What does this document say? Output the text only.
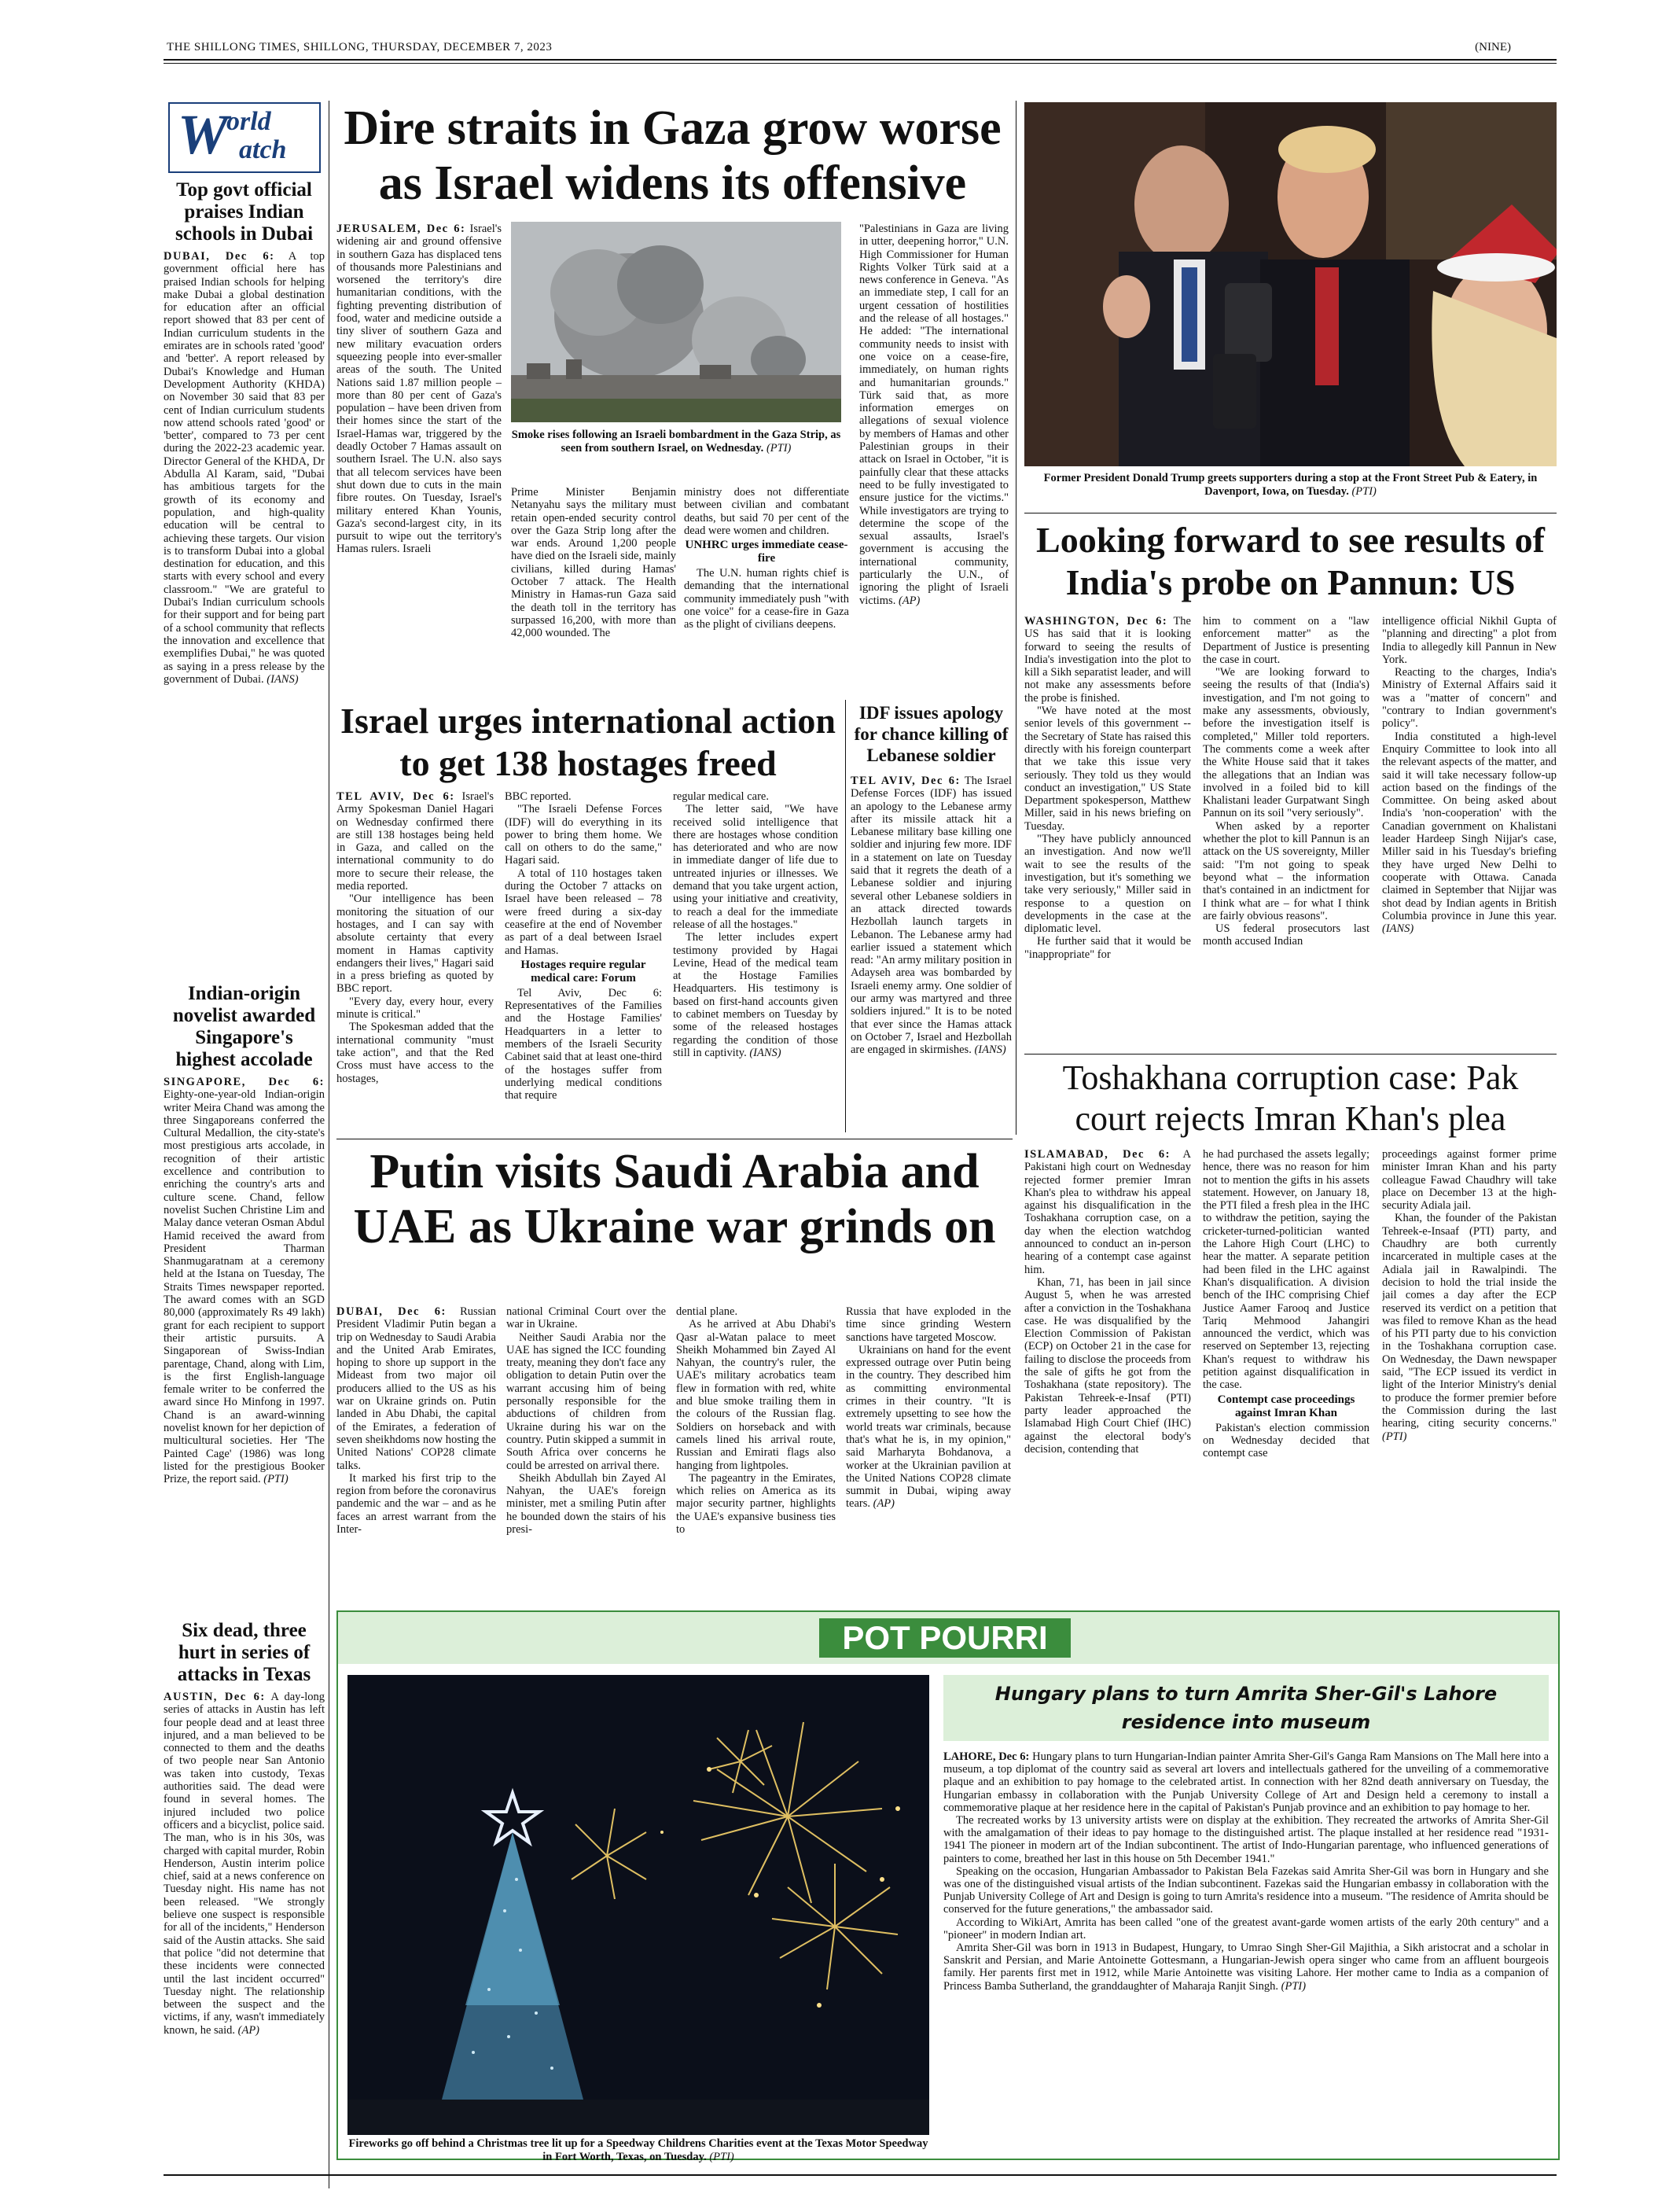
THE SHILLONG TIMES, SHILLONG, THURSDAY, DECEMBER 7, 2023	(NINE)
W
orld
atch
Top govt official praises Indian schools in Dubai

DUBAI, Dec 6: A top government official here has praised Indian schools for helping make Dubai a global destination for education after an official report showed that 83 per cent of Indian curriculum students in the emirates are in schools rated 'good' and 'better'. A report released by Dubai's Knowledge and Human Development Authority (KHDA) on November 30 said that 83 per cent of Indian curriculum students now attend schools rated 'good' or 'better', compared to 73 per cent during the 2022-23 academic year. Director General of the KHDA, Dr Abdulla Al Karam, said, "Dubai has ambitious targets for the growth of its economy and population, and high-quality education will be central to achieving these targets. Our vision is to transform Dubai into a global destination for education, and this starts with every school and every classroom." "We are grateful to Dubai's Indian curriculum schools for their support and for being part of a school community that reflects the innovation and excellence that exemplifies Dubai," he was quoted as saying in a press release by the government of Dubai. (IANS)

Indian-origin novelist awarded Singapore's highest accolade

SINGAPORE, Dec 6: Eighty-one-year-old Indian-origin writer Meira Chand was among the three Singaporeans conferred the Cultural Medallion, the city-state's most prestigious arts accolade, in recognition of their artistic excellence and contribution to enriching the country's arts and culture scene. Chand, fellow novelist Suchen Christine Lim and Malay dance veteran Osman Abdul Hamid received the award from President Tharman Shanmugaratnam at a ceremony held at the Istana on Tuesday, The Straits Times newspaper reported. The award comes with an SGD 80,000 (approximately Rs 49 lakh) grant for each recipient to support their artistic pursuits. A Singaporean of Swiss-Indian parentage, Chand, along with Lim, is the first English-language female writer to be conferred the award since Ho Minfong in 1997. Chand is an award-winning novelist known for her depiction of multicultural societies. Her 'The Painted Cage' (1986) was long listed for the prestigious Booker Prize, the report said. (PTI)

Six dead, three hurt in series of attacks in Texas

AUSTIN, Dec 6: A day-long series of attacks in Austin has left four people dead and at least three injured, and a man believed to be connected to them and the deaths of two people near San Antonio was taken into custody, Texas authorities said. The dead were found in several homes. The injured included two police officers and a bicyclist, police said. The man, who is in his 30s, was charged with capital murder, Robin Henderson, Austin interim police chief, said at a news conference on Tuesday night. His name has not been released. "We strongly believe one suspect is responsible for all of the incidents," Henderson said of the Austin attacks. She said that police "did not determine that these incidents were connected until the last incident occurred" Tuesday night. The relationship between the suspect and the victims, if any, wasn't immediately known, he said. (AP)

Dire straits in Gaza grow worse as Israel widens its offensive
Smoke rises following an Israeli bombardment in the Gaza Strip, as seen from southern Israel, on Wednesday. (PTI)

JERUSALEM, Dec 6: Israel's widening air and ground offensive in southern Gaza has displaced tens of thousands more Palestinians and worsened the territory's dire humanitarian conditions, with the fighting preventing distribution of food, water and medicine outside a tiny sliver of southern Gaza and new military evacuation orders squeezing people into ever-smaller areas of the south. The United Nations said 1.87 million people – more than 80 per cent of Gaza's population – have been driven from their homes since the start of the Israel-Hamas war, triggered by the deadly October 7 Hamas assault on southern Israel. The U.N. also says that all telecom services have been shut down due to cuts in the main fibre routes. On Tuesday, Israel's military entered Khan Younis, Gaza's second-largest city, in its pursuit to wipe out the territory's Hamas rulers. Israeli

Prime Minister Benjamin Netanyahu says the military must retain open-ended security control over the Gaza Strip long after the war ends. Around 1,200 people have died on the Israeli side, mainly civilians, killed during Hamas' October 7 attack. The Health Ministry in Hamas-run Gaza said the death toll in the territory has surpassed 16,200, with more than 42,000 wounded. The

ministry does not differentiate between civilian and combatant deaths, but said 70 per cent of the dead were women and children.

UNHRC urges immediate cease-fire

The U.N. human rights chief is demanding that the international community immediately push "with one voice" for a cease-fire in Gaza as the plight of civilians deepens.

"Palestinians in Gaza are living in utter, deepening horror," U.N. High Commissioner for Human Rights Volker Türk said at a news conference in Geneva. "As an immediate step, I call for an urgent cessation of hostilities and the release of all hostages." He added: "The international community needs to insist with one voice on a cease-fire, immediately, on human rights and humanitarian grounds." Türk said that, as more information emerges on allegations of sexual violence by members of Hamas and other Palestinian groups in their attack on Israel in October, "it is painfully clear that these attacks need to be fully investigated to ensure justice for the victims." While investigators are trying to determine the scope of the sexual assaults, Israel's government is accusing the international community, particularly the U.N., of ignoring the plight of Israeli victims. (AP)

Israel urges international action to get 138 hostages freed

TEL AVIV, Dec 6: Israel's Army Spokesman Daniel Hagari on Wednesday confirmed there are still 138 hostages being held in Gaza, and called on the international community to do more to secure their release, the media reported.

"Our intelligence has been monitoring the situation of our hostages, and I can say with absolute certainty that every moment in Hamas captivity endangers their lives," Hagari said in a press briefing as quoted by BBC report.

"Every day, every hour, every minute is critical."

The Spokesman added that the international community "must take action", and that the Red Cross must have access to the hostages,

BBC reported.

"The Israeli Defense Forces (IDF) will do everything in its power to bring them home. We call on others to do the same," Hagari said.

A total of 110 hostages taken during the October 7 attacks on Israel have been released – 78 were freed during a six-day ceasefire at the end of November as part of a deal between Israel and Hamas.

Hostages require regular medical care: Forum

Tel Aviv, Dec 6: Representatives of the Families and the Hostage Families' Headquarters in a letter to members of the Israeli Security Cabinet said that at least one-third of the hostages suffer from underlying medical conditions that require

regular medical care.

The letter said, "We have received solid intelligence that there are hostages whose condition has deteriorated and who are now in immediate danger of life due to untreated injuries or illnesses. We demand that you take urgent action, using your initiative and creativity, to reach a deal for the immediate release of all the hostages."

The letter includes expert testimony provided by Hagai Levine, Head of the medical team at the Hostage Families Headquarters. His testimony is based on first-hand accounts given to cabinet members on Tuesday by some of the released hostages regarding the condition of those still in captivity. (IANS)

IDF issues apology for chance killing of Lebanese soldier

TEL AVIV, Dec 6: The Israel Defense Forces (IDF) has issued an apology to the Lebanese army after its missile attack hit a Lebanese military base killing one soldier and injuring few more. IDF in a statement on late on Tuesday said that it regrets the death of a Lebanese soldier and injuring several other Lebanese soldiers in an attack directed towards Hezbollah launch targets in Lebanon. The Lebanese army had earlier issued a statement which read: "An army military position in Adayseh area was bombarded by Israeli enemy army. One soldier of our army was martyred and three soldiers injured." It is to be noted that ever since the Hamas attack on October 7, Israel and Hezbollah are engaged in skirmishes. (IANS)

Former President Donald Trump greets supporters during a stop at the Front Street Pub & Eatery, in Davenport, Iowa, on Tuesday. (PTI)
Looking forward to see results of India's probe on Pannun: US

WASHINGTON, Dec 6: The US has said that it is looking forward to seeing the results of India's investigation into the plot to kill a Sikh separatist leader, and will not make any assessments before the probe is finished.

"We have noted at the most senior levels of this government -- the Secretary of State has raised this directly with his foreign counterpart that we take this issue very seriously. They told us they would conduct an investigation," US State Department spokesperson, Matthew Miller, said in his news briefing on Tuesday.

"They have publicly announced an investigation. And now we'll wait to see the results of the investigation, but it's something we take very seriously," Miller said in response to a question on developments in the case at the diplomatic level.

He further said that it would be "inappropriate" for

him to comment on a "law enforcement matter" as the Department of Justice is presenting the case in court.

"We are looking forward to seeing the results of that (India's) investigation, and I'm not going to make any assessments, obviously, before the investigation itself is completed," Miller told reporters. The comments come a week after the White House said that it takes the allegations that an Indian was involved in a foiled bid to kill Khalistani leader Gurpatwant Singh Pannun on its soil "very seriously".

When asked by a reporter whether the plot to kill Pannun is an attack on the US sovereignty, Miller said: "I'm not going to speak beyond what – the information that's contained in an indictment for I think what are – for what I think are fairly obvious reasons".

US federal prosecutors last month accused Indian

intelligence official Nikhil Gupta of "planning and directing" a plot from India to allegedly kill Pannun in New York.

Reacting to the charges, India's Ministry of External Affairs said it was a "matter of concern" and "contrary to Indian government's policy".

India constituted a high-level Enquiry Committee to look into all the relevant aspects of the matter, and said it will take necessary follow-up action based on the findings of the Committee. On being asked about India's 'non-cooperation' with the Canadian government on Khalistani leader Hardeep Singh Nijjar's case, Miller said in his Tuesday's briefing they have urged New Delhi to cooperate with Ottawa. Canada claimed in September that Nijjar was shot dead by Indian agents in British Columbia province in June this year. (IANS)

Toshakhana corruption case: Pak court rejects Imran Khan's plea

ISLAMABAD, Dec 6: A Pakistani high court on Wednesday rejected former premier Imran Khan's plea to withdraw his appeal against his disqualification in the Toshakhana corruption case, on a day when the election watchdog announced to conduct an in-person hearing of a contempt case against him.

Khan, 71, has been in jail since August 5, when he was arrested after a conviction in the Toshakhana case. He was disqualified by the Election Commission of Pakistan (ECP) on October 21 in the case for failing to disclose the proceeds from the sale of gifts he got from the Toshakhana (state repository). The Pakistan Tehreek-e-Insaf (PTI) party leader approached the Islamabad High Court Chief (IHC) against the electoral body's decision, contending that

he had purchased the assets legally; hence, there was no reason for him not to mention the gifts in his assets statement. However, on January 18, the PTI filed a fresh plea in the IHC to withdraw the petition, saying the cricketer-turned-politician wanted the Lahore High Court (LHC) to hear the matter. A separate petition had been filed in the LHC against Khan's disqualification. A division bench of the IHC comprising Chief Justice Aamer Farooq and Justice Tariq Mehmood Jahangiri announced the verdict, which was reserved on September 13, rejecting Khan's request to withdraw his petition against disqualification in the case.

Contempt case proceedings against Imran Khan

Pakistan's election commission on Wednesday decided that contempt case

proceedings against former prime minister Imran Khan and his party colleague Fawad Chaudhry will take place on December 13 at the high-security Adiala jail.

Khan, the founder of the Pakistan Tehreek-e-Insaaf (PTI) party, and Chaudhry are both currently incarcerated in multiple cases at the Adiala jail in Rawalpindi. The decision to hold the trial inside the jail comes a day after the ECP reserved its verdict on a petition that was filed to remove Khan as the head of his PTI party due to his conviction in the Toshakhana corruption case. On Wednesday, the Dawn newspaper said, "The ECP issued its verdict in light of the Interior Ministry's denial to produce the former premier before the Commission during the last hearing, citing security concerns." (PTI)

Putin visits Saudi Arabia and UAE as Ukraine war grinds on

DUBAI, Dec 6: Russian President Vladimir Putin began a trip on Wednesday to Saudi Arabia and the United Arab Emirates, hoping to shore up support in the Mideast from two major oil producers allied to the US as his war on Ukraine grinds on. Putin landed in Abu Dhabi, the capital of the Emirates, a federation of seven sheikhdoms now hosting the United Nations' COP28 climate talks.

It marked his first trip to the region from before the coronavirus pandemic and the war – and as he faces an arrest warrant from the Inter-

national Criminal Court over the war in Ukraine.

Neither Saudi Arabia nor the UAE has signed the ICC founding treaty, meaning they don't face any obligation to detain Putin over the warrant accusing him of being personally responsible for the abductions of children from Ukraine during his war on the country. Putin skipped a summit in South Africa over concerns he could be arrested on arrival there.

Sheikh Abdullah bin Zayed Al Nahyan, the UAE's foreign minister, met a smiling Putin after he bounded down the stairs of his presi-

dential plane.

As he arrived at Abu Dhabi's Qasr al-Watan palace to meet Sheikh Mohammed bin Zayed Al Nahyan, the country's ruler, the UAE's military acrobatics team flew in formation with red, white and blue smoke trailing them in the colours of the Russian flag. Soldiers on horseback and with camels lined his arrival route, Russian and Emirati flags also hanging from lightpoles.

The pageantry in the Emirates, which relies on America as its major security partner, highlights the UAE's expansive business ties to

Russia that have exploded in the time since grinding Western sanctions have targeted Moscow.

Ukrainians on hand for the event expressed outrage over Putin being in the country. They described him as committing environmental crimes in their country. "It is extremely upsetting to see how the world treats war criminals, because that's what he is, in my opinion," said Marharyta Bohdanova, a worker at the Ukrainian pavilion at the United Nations COP28 climate summit in Dubai, wiping away tears. (AP)

POT POURRI
Fireworks go off behind a Christmas tree lit up for a Speedway Childrens Charities event at the Texas Motor Speedway in Fort Worth, Texas, on Tuesday. (PTI)
Hungary plans to turn Amrita Sher-Gil's Lahore residence into museum

LAHORE, Dec 6: Hungary plans to turn Hungarian-Indian painter Amrita Sher-Gil's Ganga Ram Mansions on The Mall here into a museum, a top diplomat of the country said as several art lovers and intellectuals gathered for the unveiling of a commemorative plaque and an exhibition to pay homage to the celebrated artist. In connection with her 82nd death anniversary on Tuesday, the Hungarian embassy in collaboration with the Punjab University College of Art and Design held a ceremony to install a commemorative plaque at her residence here in the capital of Pakistan's Punjab province and an exhibition to pay homage to her.

The recreated works by 13 university artists were on display at the exhibition. They recreated the artworks of Amrita Sher-Gil with the amalgamation of their ideas to pay homage to the distinguished artist. The plaque installed at her residence read "1931-1941 The pioneer in modern art of the Indian subcontinent. The artist of Indo-Hungarian parentage, who influenced generations of painters to come, breathed her last in this house on 5th December 1941."

Speaking on the occasion, Hungarian Ambassador to Pakistan Bela Fazekas said Amrita Sher-Gil was born in Hungary and she was one of the distinguished visual artists of the Indian subcontinent. Fazekas said the Hungarian embassy in collaboration with the Punjab University College of Art and Design is going to turn Amrita's residence into a museum. "The residence of Amrita should be conserved for the future generations," the ambassador said.

According to WikiArt, Amrita has been called "one of the greatest avant-garde women artists of the early 20th century" and a "pioneer" in modern Indian art.

Amrita Sher-Gil was born in 1913 in Budapest, Hungary, to Umrao Singh Sher-Gil Majithia, a Sikh aristocrat and a scholar in Sanskrit and Persian, and Marie Antoinette Gottesmann, a Hungarian-Jewish opera singer who came from an affluent bourgeois family. Her parents first met in 1912, while Marie Antoinette was visiting Lahore. Her mother came to India as a companion of Princess Bamba Sutherland, the granddaughter of Maharaja Ranjit Singh. (PTI)
